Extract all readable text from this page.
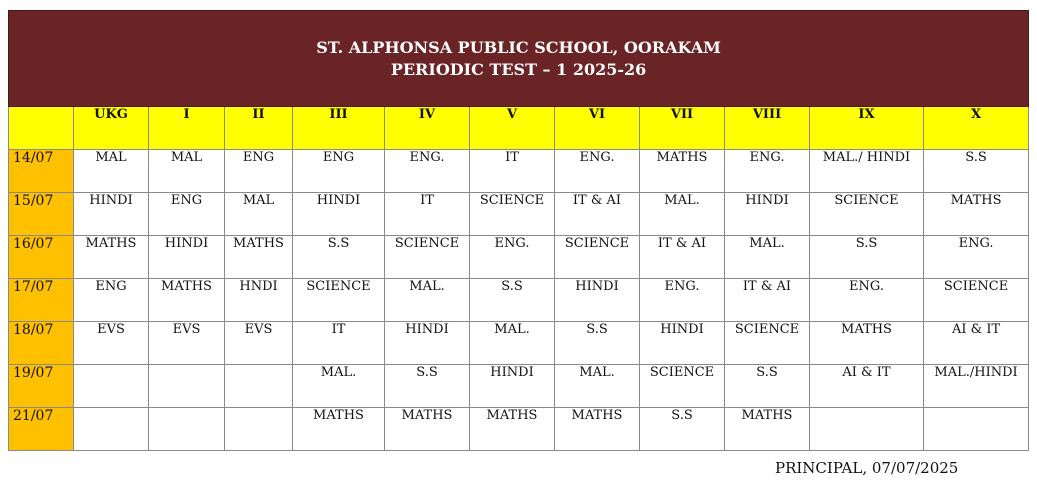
ST. ALPHONSA PUBLIC SCHOOL, OORAKAM
PERIODIC TEST – 1 2025-26											

	UKG	I	II	III	IV	V	VI	VII	VIII	IX	X
14/07	MAL	MAL	ENG	ENG	ENG.	IT	ENG.	MATHS	ENG.	MAL./ HINDI	S.S
15/07	HINDI	ENG	MAL	HINDI	IT	SCIENCE	IT & AI	MAL.	HINDI	SCIENCE	MATHS
16/07	MATHS	HINDI	MATHS	S.S	SCIENCE	ENG.	SCIENCE	IT & AI	MAL.	S.S	ENG.
17/07	ENG	MATHS	HNDI	SCIENCE	MAL.	S.S	HINDI	ENG.	IT & AI	ENG.	SCIENCE
18/07	EVS	EVS	EVS	IT	HINDI	MAL.	S.S	HINDI	SCIENCE	MATHS	AI & IT
19/07				MAL.	S.S	HINDI	MAL.	SCIENCE	S.S	AI & IT	MAL./HINDI
21/07				MATHS	MATHS	MATHS	MATHS	S.S	MATHS		
PRINCIPAL, 07/07/2025
